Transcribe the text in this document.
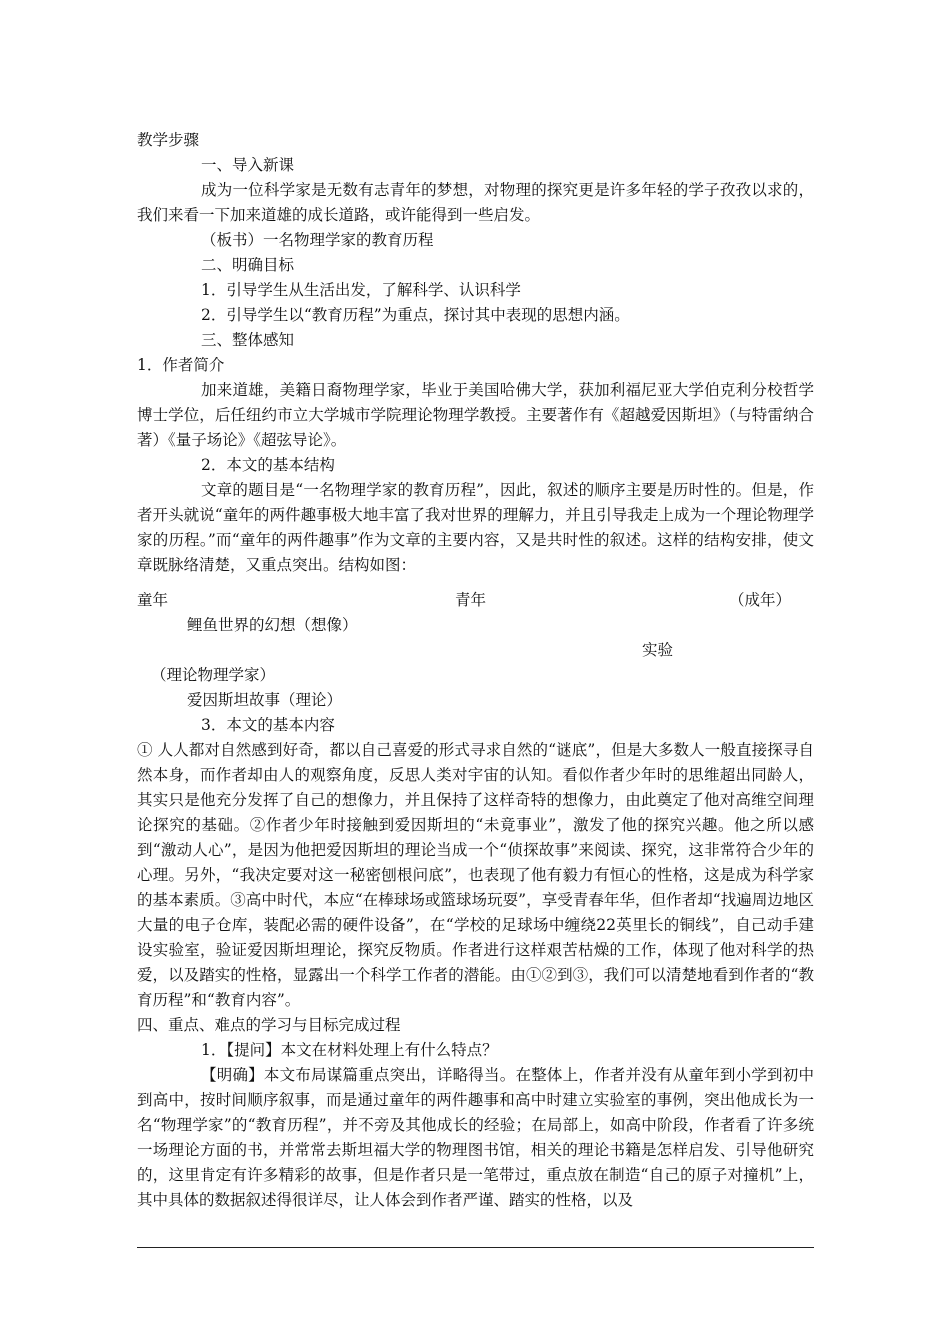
教学步骤

一、导入新课

成为一位科学家是无数有志青年的梦想，对物理的探究更是许多年轻的学子孜孜以求的，我们来看一下加来道雄的成长道路，或许能得到一些启发。

（板书）一名物理学家的教育历程

二、明确目标

1．引导学生从生活出发，了解科学、认识科学

2．引导学生以“教育历程”为重点，探讨其中表现的思想内涵。

三、整体感知

1．作者简介

加来道雄，美籍日裔物理学家，毕业于美国哈佛大学，获加利福尼亚大学伯克利分校哲学博士学位，后任纽约市立大学城市学院理论物理学教授。主要著作有《超越爱因斯坦》（与特雷纳合著）《量子场论》《超弦导论》。

2．本文的基本结构

文章的题目是“一名物理学家的教育历程”，因此，叙述的顺序主要是历时性的。但是，作者开头就说“童年的两件趣事极大地丰富了我对世界的理解力，并且引导我走上成为一个理论物理学家的历程。”而“童年的两件趣事”作为文章的主要内容，又是共时性的叙述。这样的结构安排，使文章既脉络清楚，又重点突出。结构如图：

童年	青年	（成年）
鲤鱼世界的幻想（想像）
实验
（理论物理学家）
爱因斯坦故事（理论）

3．本文的基本内容

① 人人都对自然感到好奇，都以自己喜爱的形式寻求自然的“谜底”，但是大多数人一般直接探寻自然本身，而作者却由人的观察角度，反思人类对宇宙的认知。看似作者少年时的思维超出同龄人，其实只是他充分发挥了自己的想像力，并且保持了这样奇特的想像力，由此奠定了他对高维空间理论探究的基础。②作者少年时接触到爱因斯坦的“未竟事业”，激发了他的探究兴趣。他之所以感到“激动人心”，是因为他把爱因斯坦的理论当成一个“侦探故事”来阅读、探究，这非常符合少年的心理。另外，“我决定要对这一秘密刨根问底”，也表现了他有毅力有恒心的性格，这是成为科学家的基本素质。③高中时代，本应“在棒球场或篮球场玩耍”，享受青春年华，但作者却“找遍周边地区大量的电子仓库，装配必需的硬件设备”，在“学校的足球场中缠绕22英里长的铜线”，自己动手建设实验室，验证爱因斯坦理论，探究反物质。作者进行这样艰苦枯燥的工作，体现了他对科学的热爱，以及踏实的性格，显露出一个科学工作者的潜能。由①②到③，我们可以清楚地看到作者的“教育历程”和“教育内容”。

四、重点、难点的学习与目标完成过程

1．【提问】本文在材料处理上有什么特点？

【明确】本文布局谋篇重点突出，详略得当。在整体上，作者并没有从童年到小学到初中到高中，按时间顺序叙事，而是通过童年的两件趣事和高中时建立实验室的事例，突出他成长为一名“物理学家”的“教育历程”，并不旁及其他成长的经验；在局部上，如高中阶段，作者看了许多统一场理论方面的书，并常常去斯坦福大学的物理图书馆，相关的理论书籍是怎样启发、引导他研究的，这里肯定有许多精彩的故事，但是作者只是一笔带过，重点放在制造“自己的原子对撞机”上，其中具体的数据叙述得很详尽，让人体会到作者严谨、踏实的性格，以及
